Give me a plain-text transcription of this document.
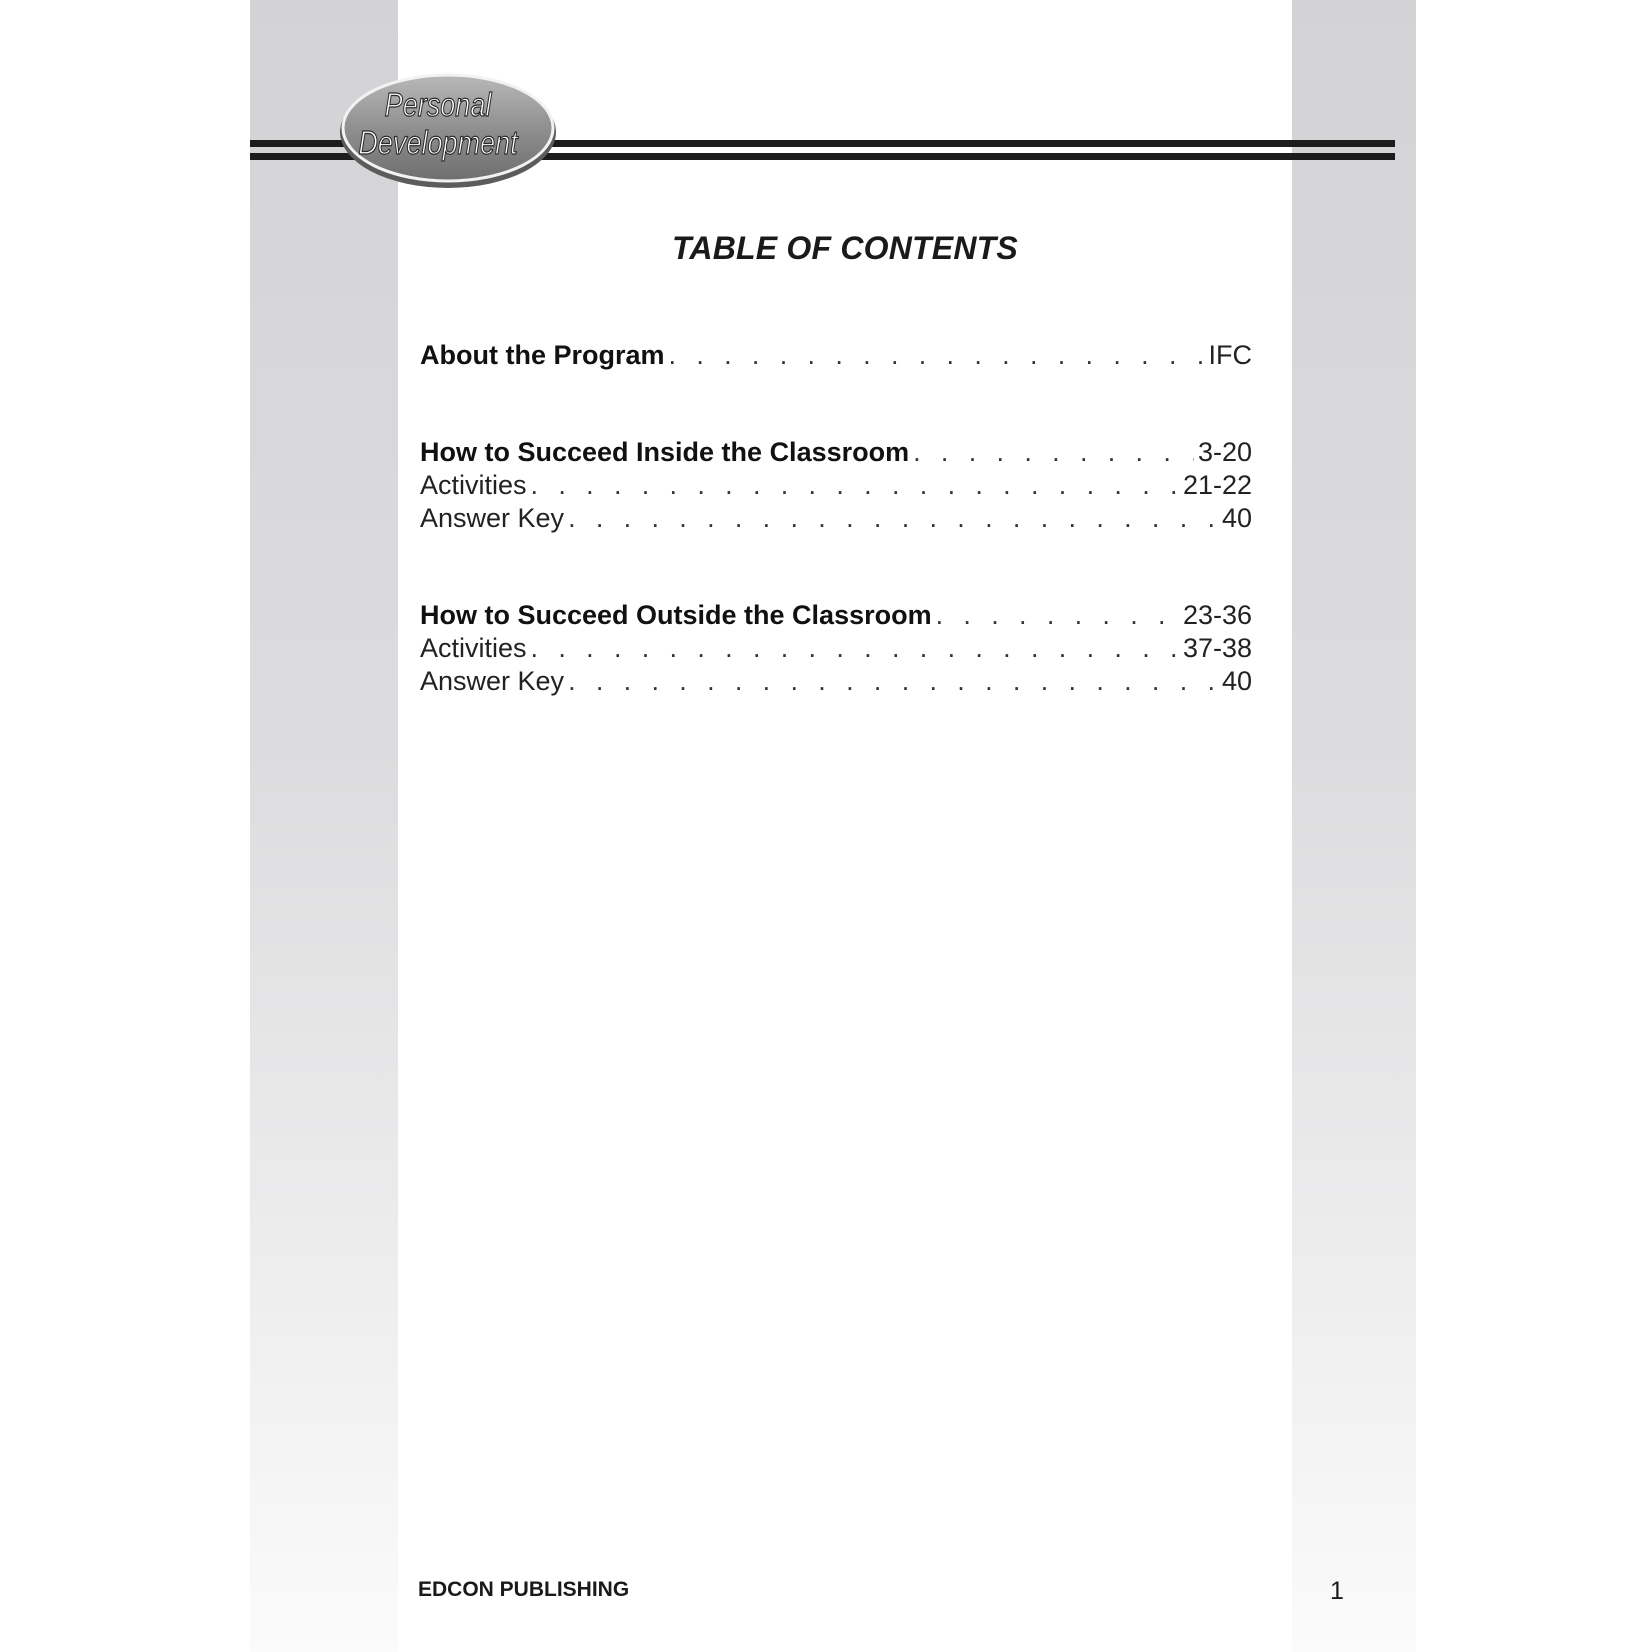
Personal
Development
TABLE OF CONTENTS
About the Program . . .	IFC
How to Succeed Inside the Classroom . . .	3-20
Activities . . .	21-22
Answer Key . . .	40
How to Succeed Outside the Classroom . . .	23-36
Activities . . .	37-38
Answer Key . . .	40
EDCON PUBLISHING	1
